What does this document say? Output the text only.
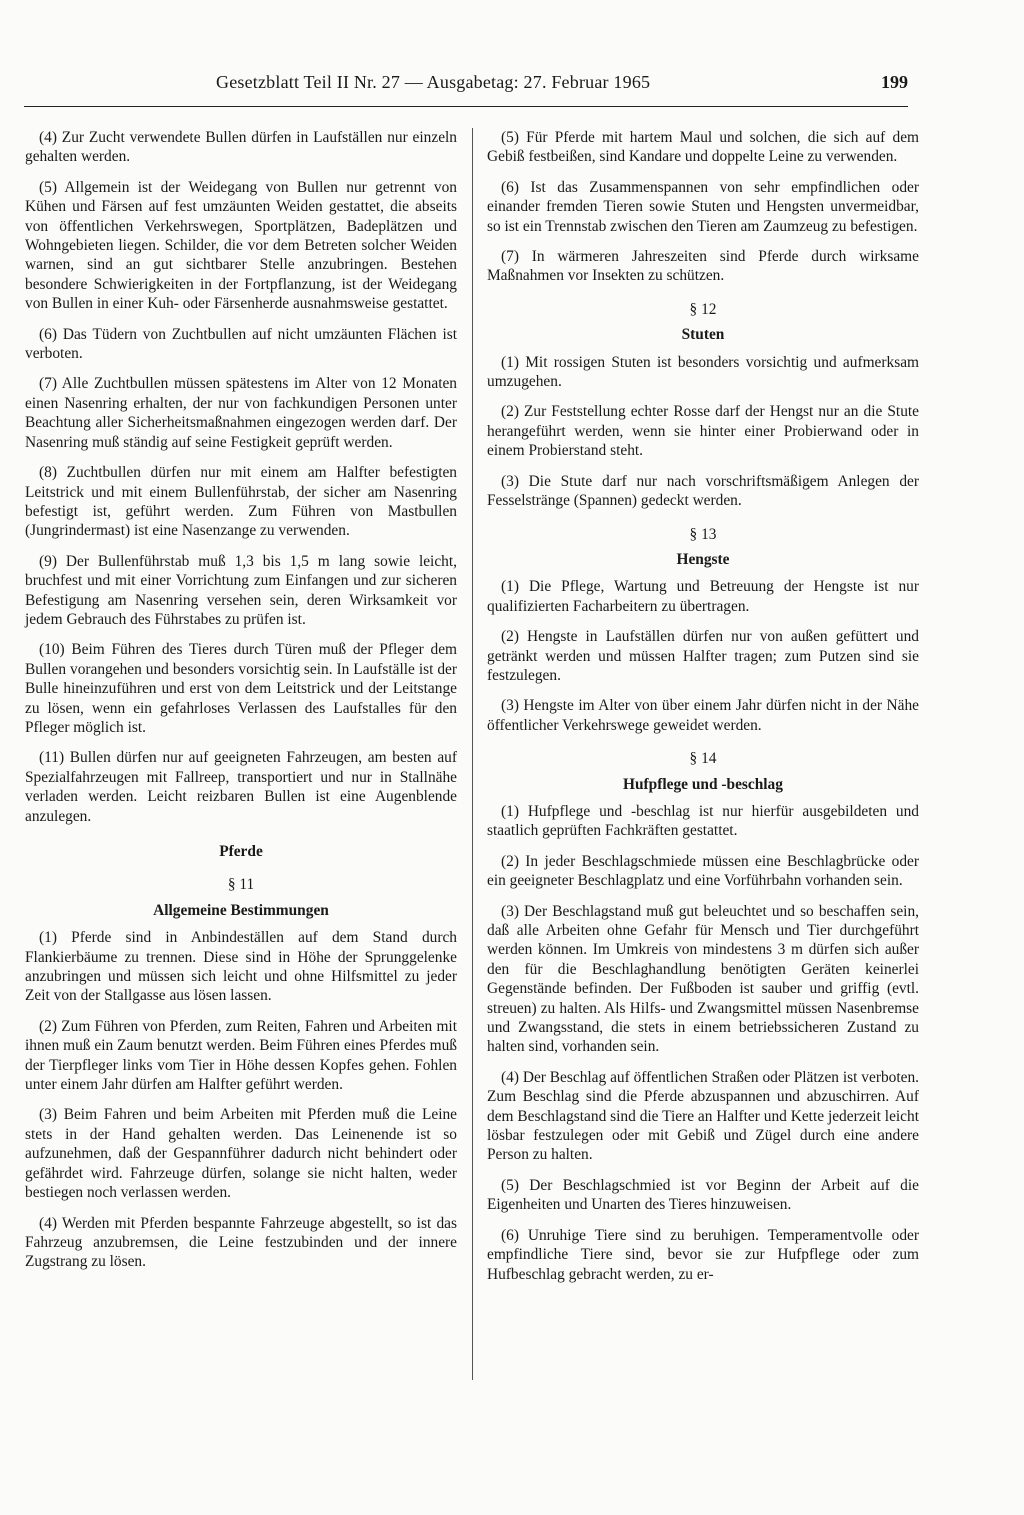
Gesetzblatt Teil II Nr. 27 — Ausgabetag: 27. Februar 1965	199

(4) Zur Zucht verwendete Bullen dürfen in Laufställen nur einzeln gehalten werden.

(5) Allgemein ist der Weidegang von Bullen nur getrennt von Kühen und Färsen auf fest umzäunten Weiden gestattet, die abseits von öffentlichen Verkehrswegen, Sportplätzen, Badeplätzen und Wohngebieten liegen. Schilder, die vor dem Betreten solcher Weiden warnen, sind an gut sichtbarer Stelle anzubringen. Bestehen besondere Schwierigkeiten in der Fortpflanzung, ist der Weidegang von Bullen in einer Kuh- oder Färsenherde ausnahmsweise gestattet.

(6) Das Tüdern von Zuchtbullen auf nicht umzäunten Flächen ist verboten.

(7) Alle Zuchtbullen müssen spätestens im Alter von 12 Monaten einen Nasenring erhalten, der nur von fachkundigen Personen unter Beachtung aller Sicherheitsmaßnahmen eingezogen werden darf. Der Nasenring muß ständig auf seine Festigkeit geprüft werden.

(8) Zuchtbullen dürfen nur mit einem am Halfter befestigten Leitstrick und mit einem Bullenführstab, der sicher am Nasenring befestigt ist, geführt werden. Zum Führen von Mastbullen (Jungrindermast) ist eine Nasenzange zu verwenden.

(9) Der Bullenführstab muß 1,3 bis 1,5 m lang sowie leicht, bruchfest und mit einer Vorrichtung zum Einfangen und zur sicheren Befestigung am Nasenring versehen sein, deren Wirksamkeit vor jedem Gebrauch des Führstabes zu prüfen ist.

(10) Beim Führen des Tieres durch Türen muß der Pfleger dem Bullen vorangehen und besonders vorsichtig sein. In Laufställe ist der Bulle hineinzuführen und erst von dem Leitstrick und der Leitstange zu lösen, wenn ein gefahrloses Verlassen des Laufstalles für den Pfleger möglich ist.

(11) Bullen dürfen nur auf geeigneten Fahrzeugen, am besten auf Spezialfahrzeugen mit Fallreep, transportiert und nur in Stallnähe verladen werden. Leicht reizbaren Bullen ist eine Augenblende anzulegen.

Pferde
§ 11
Allgemeine Bestimmungen

(1) Pferde sind in Anbindeställen auf dem Stand durch Flankierbäume zu trennen. Diese sind in Höhe der Sprunggelenke anzubringen und müssen sich leicht und ohne Hilfsmittel zu jeder Zeit von der Stallgasse aus lösen lassen.

(2) Zum Führen von Pferden, zum Reiten, Fahren und Arbeiten mit ihnen muß ein Zaum benutzt werden. Beim Führen eines Pferdes muß der Tierpfleger links vom Tier in Höhe dessen Kopfes gehen. Fohlen unter einem Jahr dürfen am Halfter geführt werden.

(3) Beim Fahren und beim Arbeiten mit Pferden muß die Leine stets in der Hand gehalten werden. Das Leinenende ist so aufzunehmen, daß der Gespannführer dadurch nicht behindert oder gefährdet wird. Fahrzeuge dürfen, solange sie nicht halten, weder bestiegen noch verlassen werden.

(4) Werden mit Pferden bespannte Fahrzeuge abgestellt, so ist das Fahrzeug anzubremsen, die Leine festzubinden und der innere Zugstrang zu lösen.

(5) Für Pferde mit hartem Maul und solchen, die sich auf dem Gebiß festbeißen, sind Kandare und doppelte Leine zu verwenden.

(6) Ist das Zusammenspannen von sehr empfindlichen oder einander fremden Tieren sowie Stuten und Hengsten unvermeidbar, so ist ein Trennstab zwischen den Tieren am Zaumzeug zu befestigen.

(7) In wärmeren Jahreszeiten sind Pferde durch wirksame Maßnahmen vor Insekten zu schützen.

§ 12
Stuten

(1) Mit rossigen Stuten ist besonders vorsichtig und aufmerksam umzugehen.

(2) Zur Feststellung echter Rosse darf der Hengst nur an die Stute herangeführt werden, wenn sie hinter einer Probierwand oder in einem Probierstand steht.

(3) Die Stute darf nur nach vorschriftsmäßigem Anlegen der Fesselstränge (Spannen) gedeckt werden.

§ 13
Hengste

(1) Die Pflege, Wartung und Betreuung der Hengste ist nur qualifizierten Facharbeitern zu übertragen.

(2) Hengste in Laufställen dürfen nur von außen gefüttert und getränkt werden und müssen Halfter tragen; zum Putzen sind sie festzulegen.

(3) Hengste im Alter von über einem Jahr dürfen nicht in der Nähe öffentlicher Verkehrswege geweidet werden.

§ 14
Hufpflege und -beschlag

(1) Hufpflege und -beschlag ist nur hierfür ausgebildeten und staatlich geprüften Fachkräften gestattet.

(2) In jeder Beschlagschmiede müssen eine Beschlagbrücke oder ein geeigneter Beschlagplatz und eine Vorführbahn vorhanden sein.

(3) Der Beschlagstand muß gut beleuchtet und so beschaffen sein, daß alle Arbeiten ohne Gefahr für Mensch und Tier durchgeführt werden können. Im Umkreis von mindestens 3 m dürfen sich außer den für die Beschlaghandlung benötigten Geräten keinerlei Gegenstände befinden. Der Fußboden ist sauber und griffig (evtl. streuen) zu halten. Als Hilfs- und Zwangsmittel müssen Nasenbremse und Zwangsstand, die stets in einem betriebssicheren Zustand zu halten sind, vorhanden sein.

(4) Der Beschlag auf öffentlichen Straßen oder Plätzen ist verboten. Zum Beschlag sind die Pferde abzuspannen und abzuschirren. Auf dem Beschlagstand sind die Tiere an Halfter und Kette jederzeit leicht lösbar festzulegen oder mit Gebiß und Zügel durch eine andere Person zu halten.

(5) Der Beschlagschmied ist vor Beginn der Arbeit auf die Eigenheiten und Unarten des Tieres hinzuweisen.

(6) Unruhige Tiere sind zu beruhigen. Temperamentvolle oder empfindliche Tiere sind, bevor sie zur Hufpflege oder zum Hufbeschlag gebracht werden, zu er-
